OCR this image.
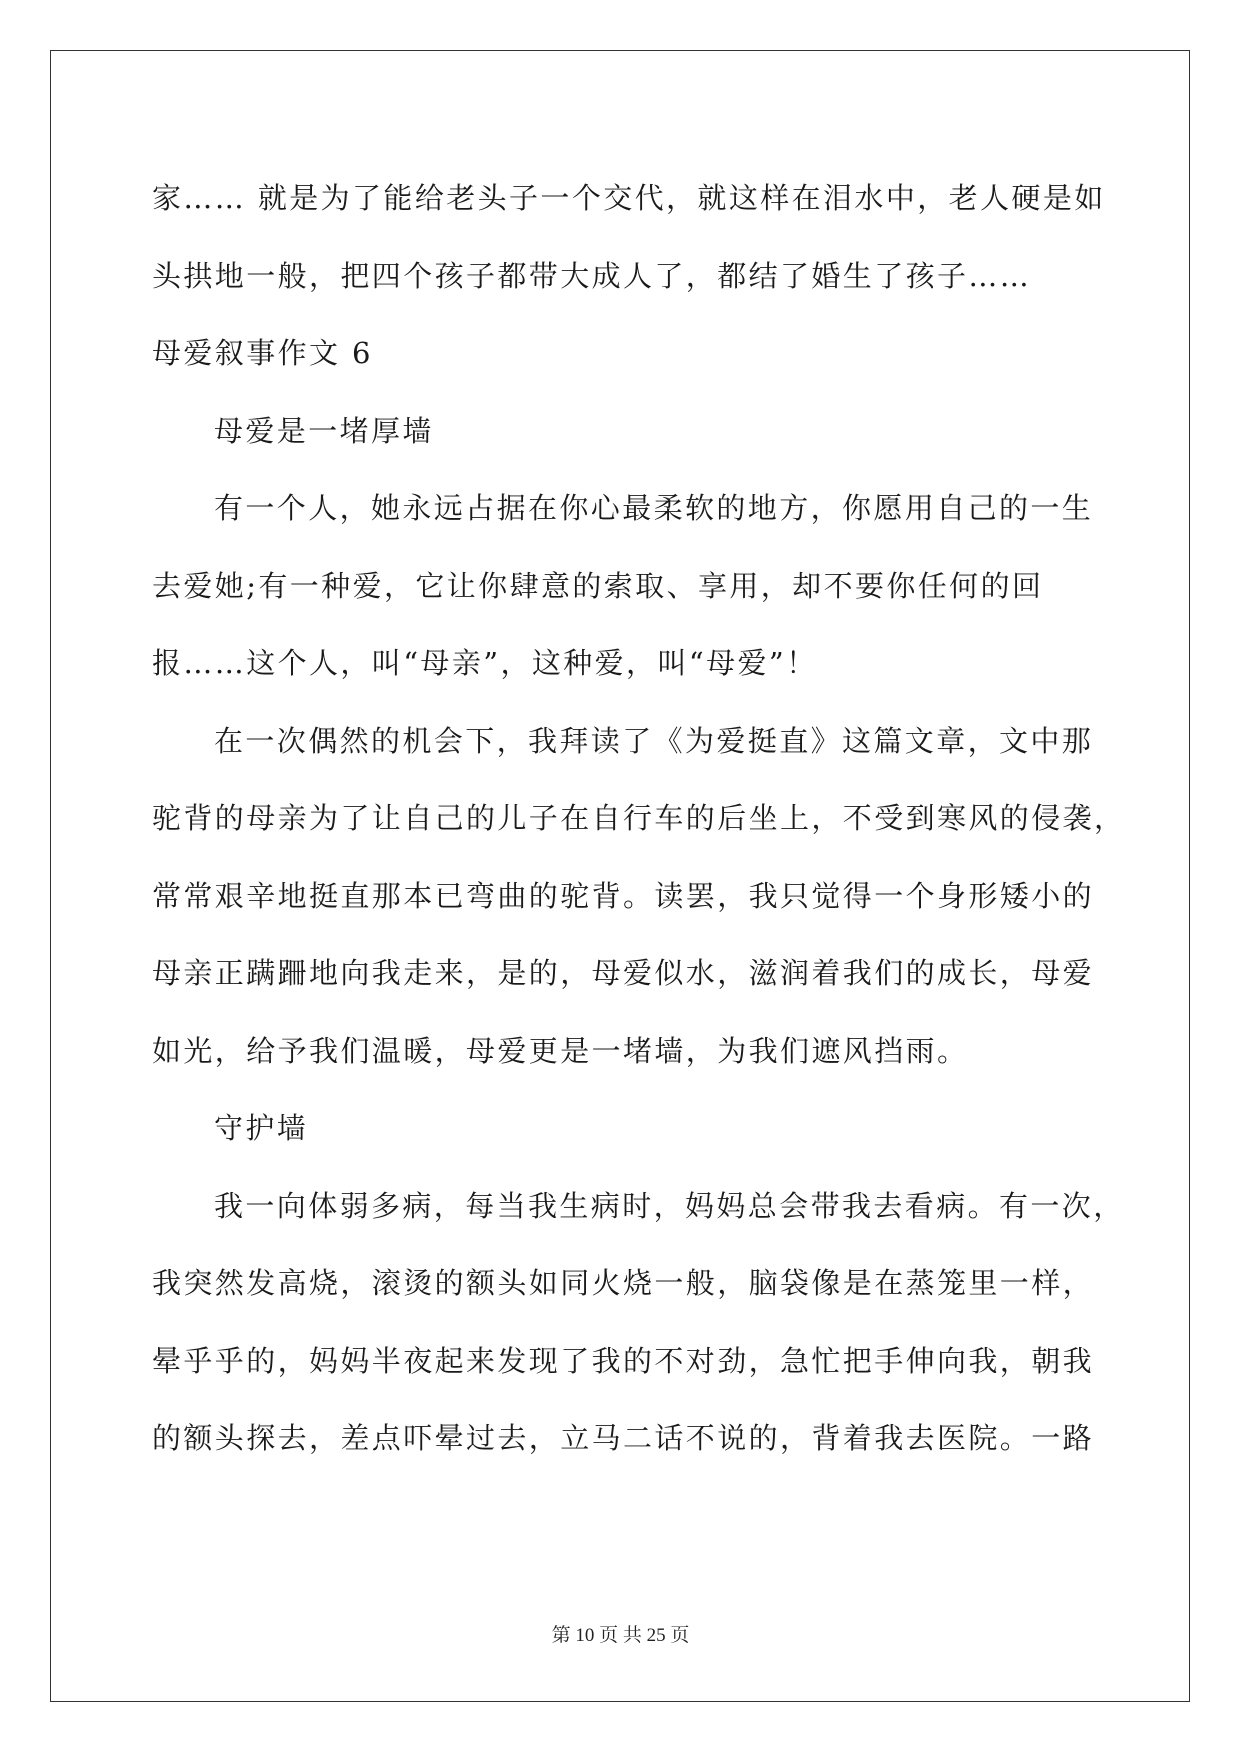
家…… 就是为了能给老头子一个交代，就这样在泪水中，老人硬是如
头拱地一般，把四个孩子都带大成人了，都结了婚生了孩子……
母爱叙事作文 6
母爱是一堵厚墙
有一个人，她永远占据在你心最柔软的地方，你愿用自己的一生
去爱她;有一种爱，它让你肆意的索取、享用，却不要你任何的回
报……这个人，叫“母亲”，这种爱，叫“母爱”！
在一次偶然的机会下，我拜读了《为爱挺直》这篇文章，文中那
驼背的母亲为了让自己的儿子在自行车的后坐上，不受到寒风的侵袭，
常常艰辛地挺直那本已弯曲的驼背。读罢，我只觉得一个身形矮小的
母亲正蹒跚地向我走来，是的，母爱似水，滋润着我们的成长，母爱
如光，给予我们温暖，母爱更是一堵墙，为我们遮风挡雨。
守护墙
我一向体弱多病，每当我生病时，妈妈总会带我去看病。有一次，
我突然发高烧，滚烫的额头如同火烧一般，脑袋像是在蒸笼里一样，
晕乎乎的，妈妈半夜起来发现了我的不对劲，急忙把手伸向我，朝我
的额头探去，差点吓晕过去，立马二话不说的，背着我去医院。一路
第 10 页 共 25 页
